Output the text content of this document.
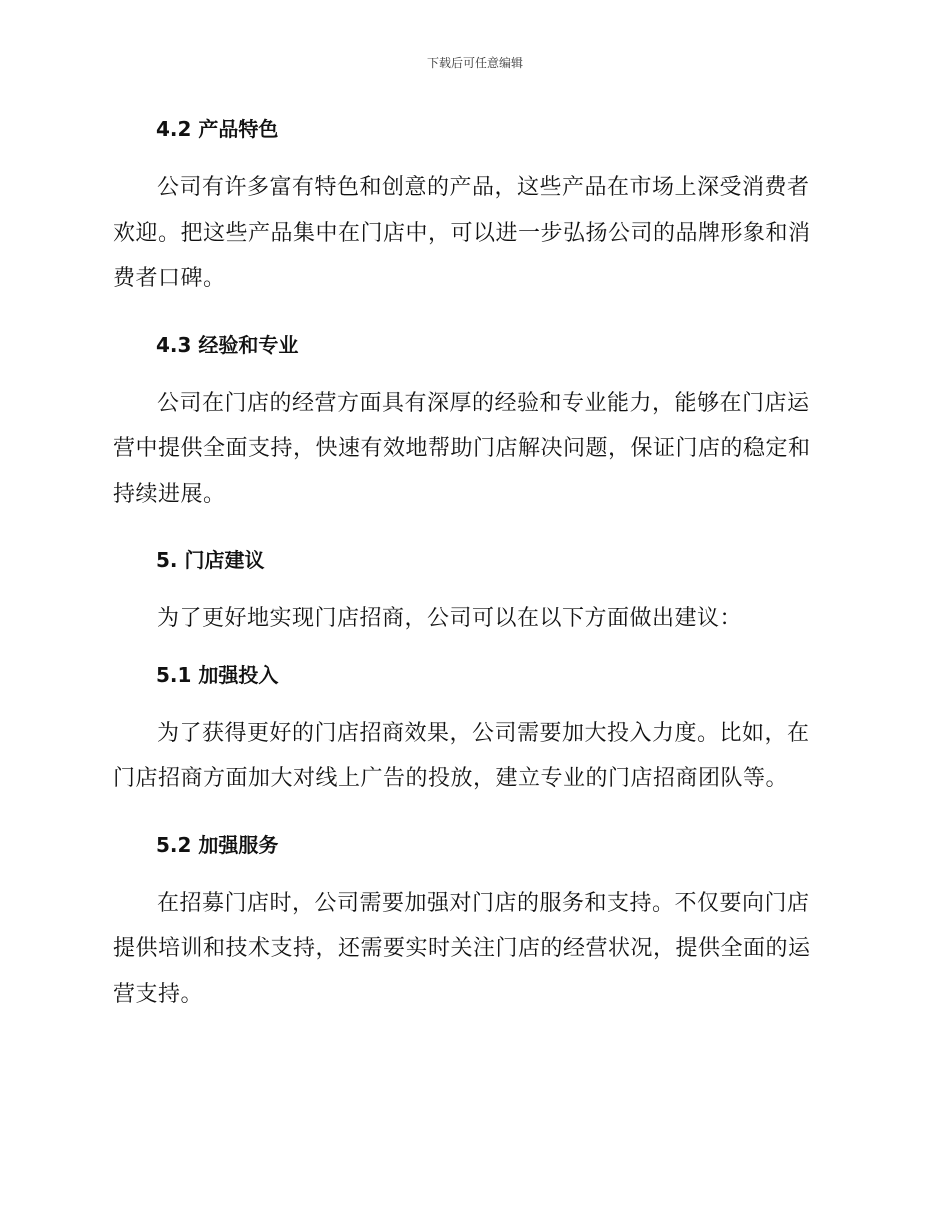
下载后可任意编辑
4.2 产品特色

公司有许多富有特色和创意的产品，这些产品在市场上深受消费者欢迎。把这些产品集中在门店中，可以进一步弘扬公司的品牌形象和消费者口碑。

4.3 经验和专业

公司在门店的经营方面具有深厚的经验和专业能力，能够在门店运营中提供全面支持，快速有效地帮助门店解决问题，保证门店的稳定和持续进展。

5. 门店建议

为了更好地实现门店招商，公司可以在以下方面做出建议：

5.1 加强投入

为了获得更好的门店招商效果，公司需要加大投入力度。比如，在门店招商方面加大对线上广告的投放，建立专业的门店招商团队等。

5.2 加强服务

在招募门店时，公司需要加强对门店的服务和支持。不仅要向门店提供培训和技术支持，还需要实时关注门店的经营状况，提供全面的运营支持。
